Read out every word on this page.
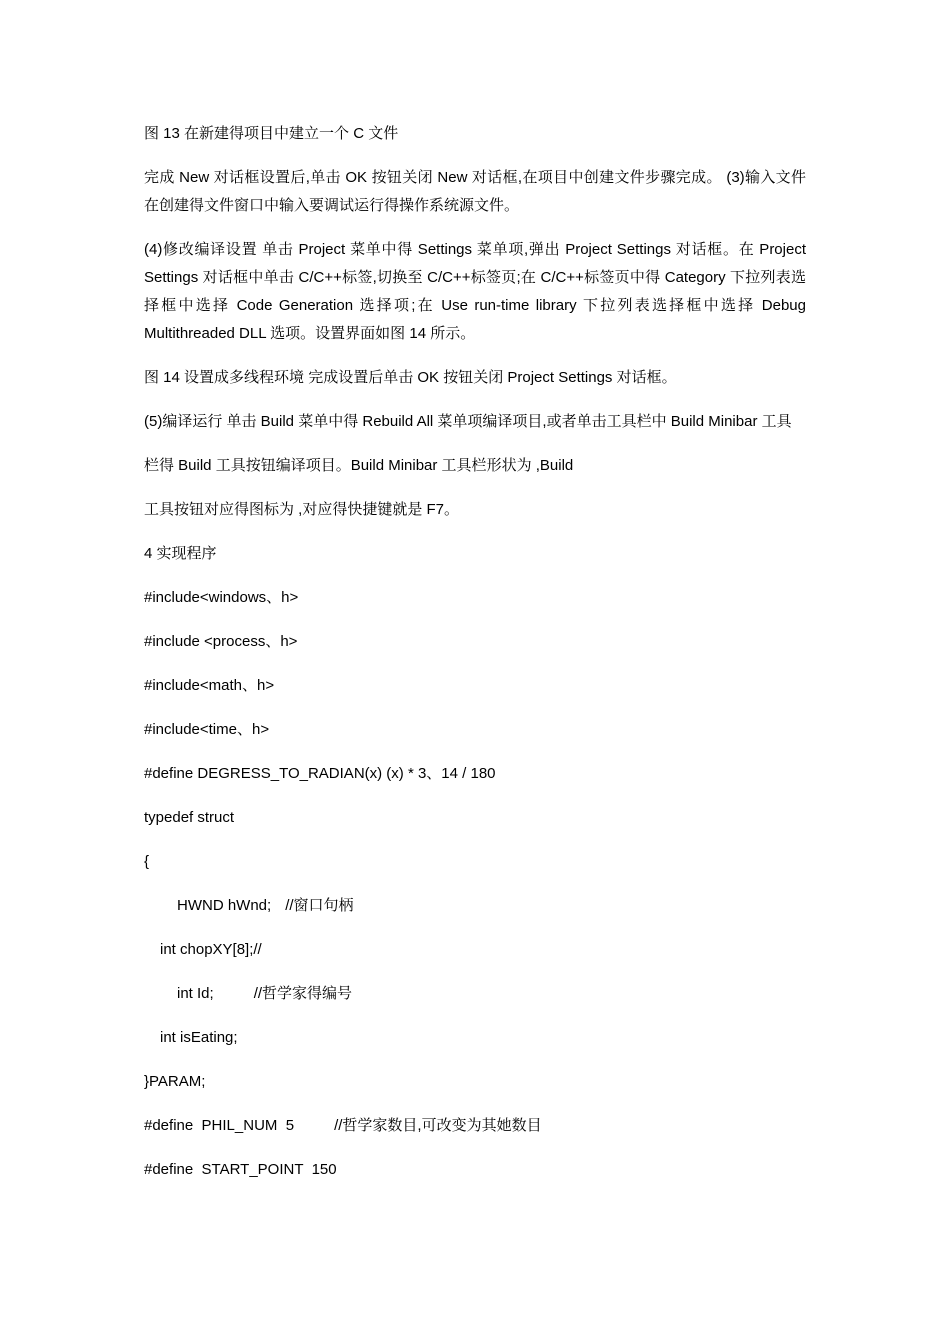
图 13 在新建得项目中建立一个 C 文件

完成 New 对话框设置后,单击 OK 按钮关闭 New 对话框,在项目中创建文件步骤完成。 (3)输入文件 在创建得文件窗口中输入要调试运行得操作系统源文件。

(4)修改编译设置 单击 Project 菜单中得 Settings 菜单项,弹出 Project Settings 对话框。在 Project Settings 对话框中单击 C/C++标签,切换至 C/C++标签页;在 C/C++标签页中得 Category 下拉列表选 择框中选择 Code Generation 选择项;在 Use run-time library 下拉列表选择框中选择 Debug Multithreaded DLL 选项。设置界面如图 14 所示。

图 14 设置成多线程环境 完成设置后单击 OK 按钮关闭 Project Settings 对话框。

(5)编译运行 单击 Build 菜单中得 Rebuild All 菜单项编译项目,或者单击工具栏中 Build Minibar 工具

栏得 Build 工具按钮编译项目。Build Minibar 工具栏形状为 ,Build

工具按钮对应得图标为 ,对应得快捷键就是 F7。

4 实现程序

#include<windows、h>
#include <process、h>
#include<math、h>
#include<time、h>
#define DEGRESS_TO_RADIAN(x) (x) * 3、14 / 180
typedef struct
{
HWND hWnd; //窗口句柄
int chopXY[8];//
int Id;	//哲学家得编号
int isEating;
}PARAM;
#define  PHIL_NUM  5	//哲学家数目,可改变为其她数目
#define  START_POINT  150
